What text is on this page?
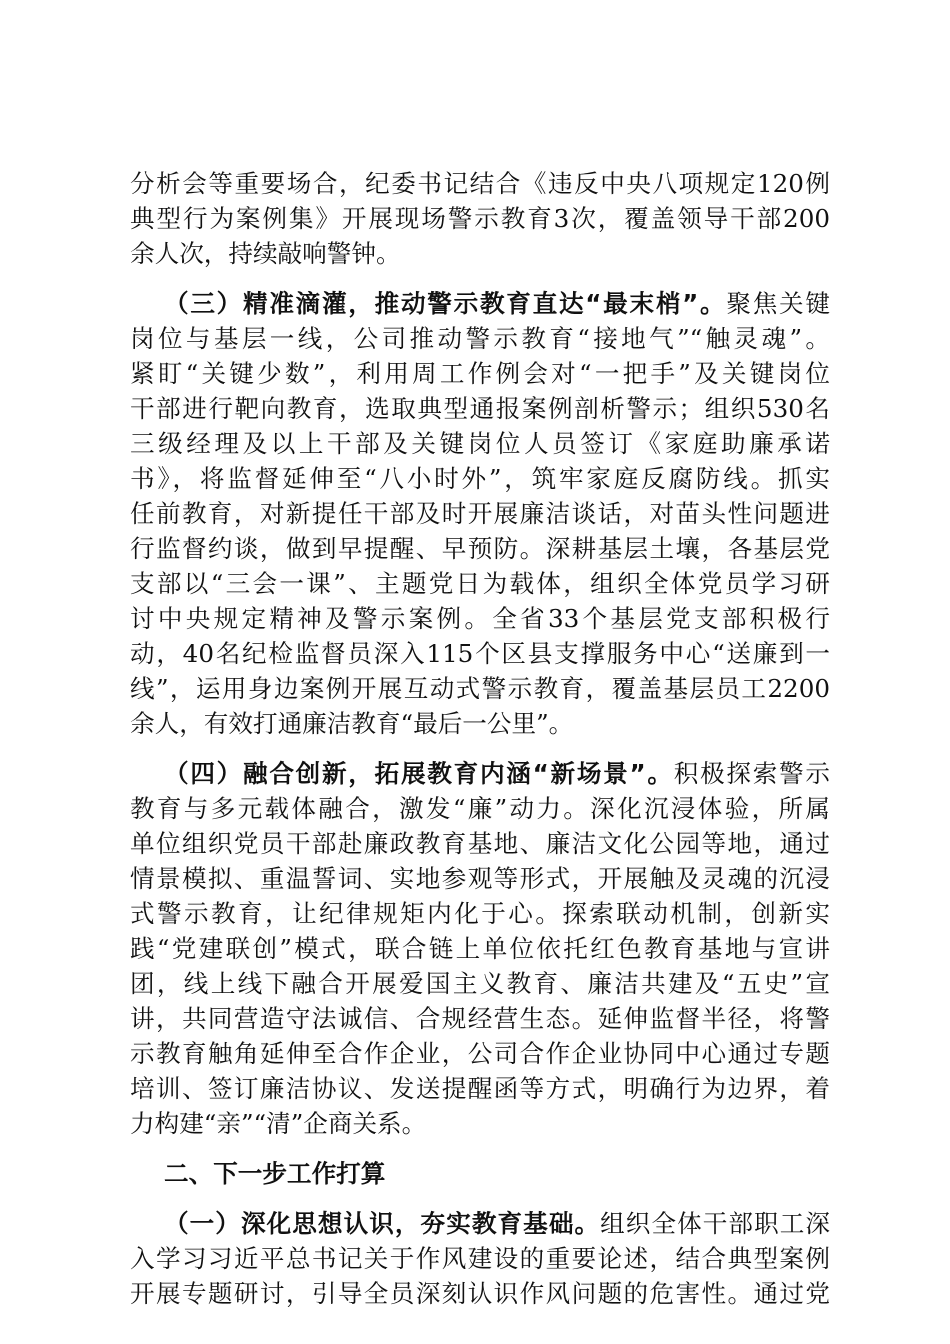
分析会等重要场合，纪委书记结合《违反中央八项规定120例
典型行为案例集》开展现场警示教育3次，覆盖领导干部200
余人次，持续敲响警钟。
（三）精准滴灌，推动警示教育直达“最末梢”。聚焦关键
岗位与基层一线，公司推动警示教育“接地气”“触灵魂”。
紧盯“关键少数”，利用周工作例会对“一把手”及关键岗位
干部进行靶向教育，选取典型通报案例剖析警示；组织530名
三级经理及以上干部及关键岗位人员签订《家庭助廉承诺
书》，将监督延伸至“八小时外”，筑牢家庭反腐防线。抓实
任前教育，对新提任干部及时开展廉洁谈话，对苗头性问题进
行监督约谈，做到早提醒、早预防。深耕基层土壤，各基层党
支部以“三会一课”、主题党日为载体，组织全体党员学习研
讨中央规定精神及警示案例。全省33个基层党支部积极行
动，40名纪检监督员深入115个区县支撑服务中心“送廉到一
线”，运用身边案例开展互动式警示教育，覆盖基层员工2200
余人，有效打通廉洁教育“最后一公里”。
（四）融合创新，拓展教育内涵“新场景”。积极探索警示
教育与多元载体融合，激发“廉”动力。深化沉浸体验，所属
单位组织党员干部赴廉政教育基地、廉洁文化公园等地，通过
情景模拟、重温誓词、实地参观等形式，开展触及灵魂的沉浸
式警示教育，让纪律规矩内化于心。探索联动机制，创新实
践“党建联创”模式，联合链上单位依托红色教育基地与宣讲
团，线上线下融合开展爱国主义教育、廉洁共建及“五史”宣
讲，共同营造守法诚信、合规经营生态。延伸监督半径，将警
示教育触角延伸至合作企业，公司合作企业协同中心通过专题
培训、签订廉洁协议、发送提醒函等方式，明确行为边界，着
力构建“亲”“清”企商关系。
二、下一步工作打算
（一）深化思想认识，夯实教育基础。组织全体干部职工深
入学习习近平总书记关于作风建设的重要论述，结合典型案例
开展专题研讨，引导全员深刻认识作风问题的危害性。通过党
